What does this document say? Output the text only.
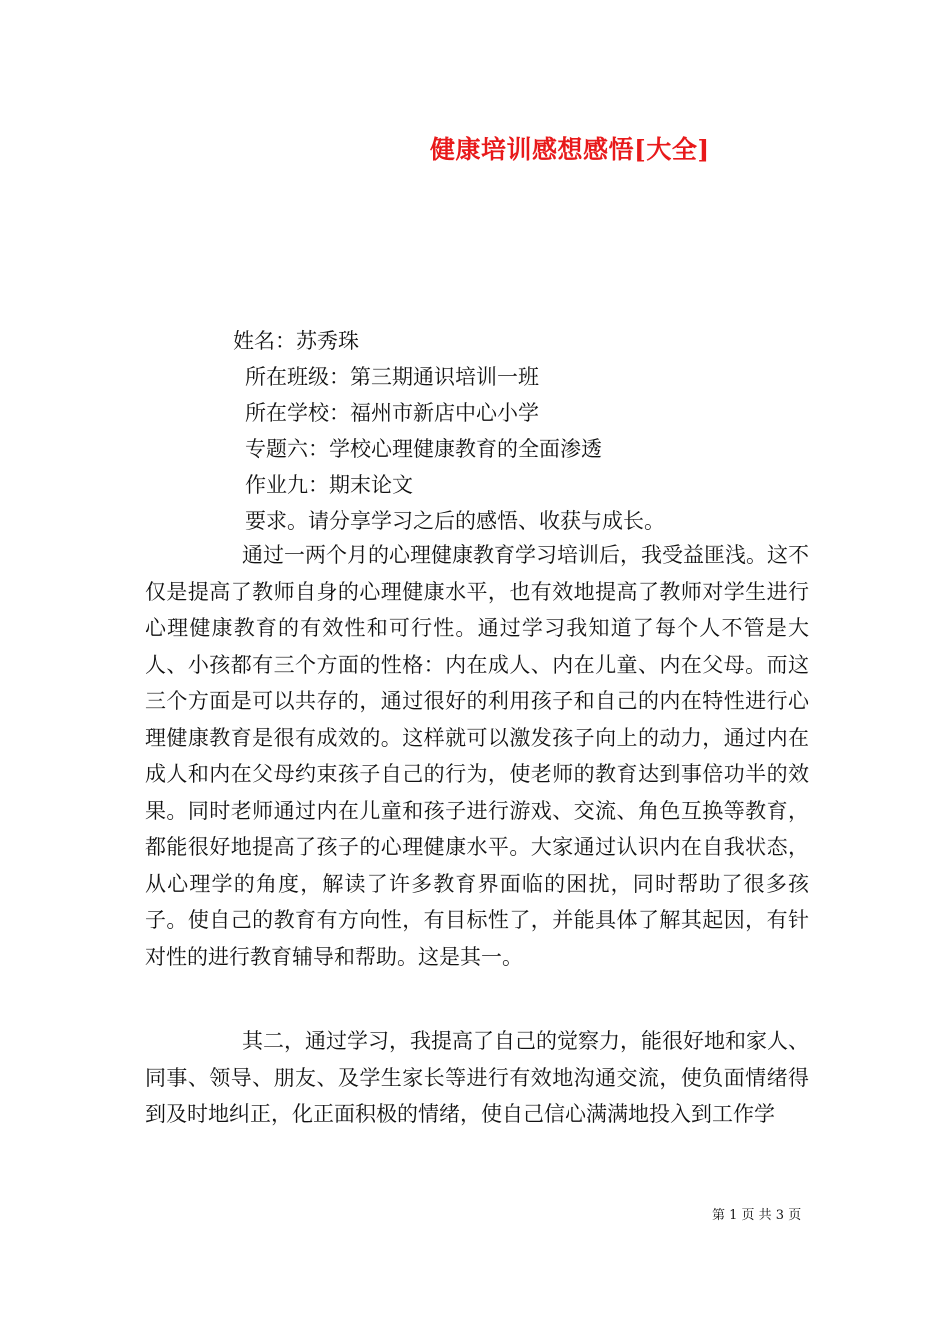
健康培训感想感悟[大全]
姓名：苏秀珠
所在班级：第三期通识培训一班
所在学校：福州市新店中心小学
专题六：学校心理健康教育的全面渗透
作业九：期末论文
要求。请分享学习之后的感悟、收获与成长。

通过一两个月的心理健康教育学习培训后，我受益匪浅。这不仅是提高了教师自身的心理健康水平，也有效地提高了教师对学生进行心理健康教育的有效性和可行性。通过学习我知道了每个人不管是大人、小孩都有三个方面的性格：内在成人、内在儿童、内在父母。而这三个方面是可以共存的，通过很好的利用孩子和自己的内在特性进行心理健康教育是很有成效的。这样就可以激发孩子向上的动力，通过内在成人和内在父母约束孩子自己的行为，使老师的教育达到事倍功半的效果。同时老师通过内在儿童和孩子进行游戏、交流、角色互换等教育，都能很好地提高了孩子的心理健康水平。大家通过认识内在自我状态，从心理学的角度，解读了许多教育界面临的困扰，同时帮助了很多孩子。使自己的教育有方向性，有目标性了，并能具体了解其起因，有针对性的进行教育辅导和帮助。这是其一。

其二，通过学习，我提高了自己的觉察力，能很好地和家人、同事、领导、朋友、及学生家长等进行有效地沟通交流，使负面情绪得到及时地纠正，化正面积极的情绪，使自己信心满满地投入到工作学

第 1 页 共 3 页
